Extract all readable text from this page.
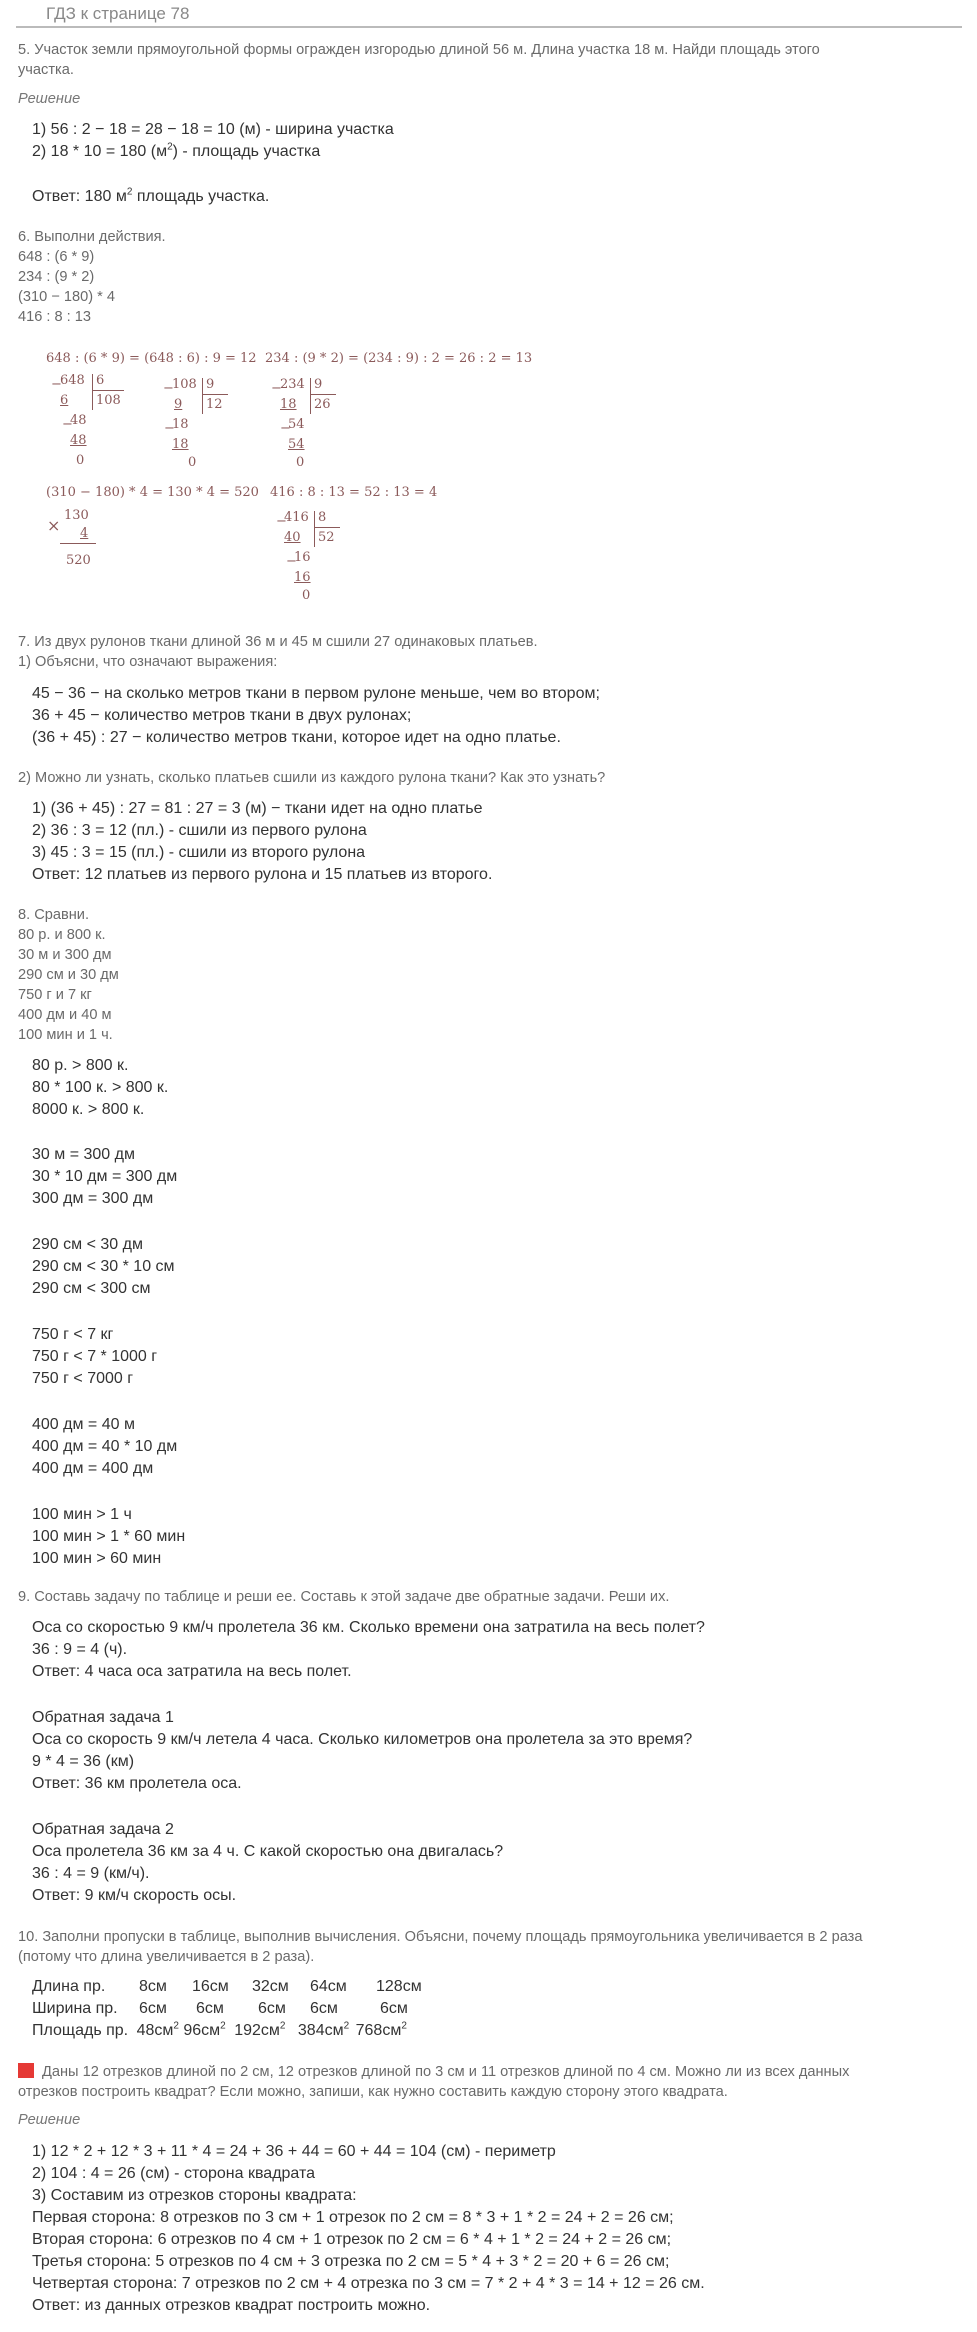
ГДЗ к странице 78
5. Участок земли прямоугольной формы огражден изгородью длиной 56 м. Длина участка 18 м. Найди площадь этого
участка.
Решение
1) 56 : 2 − 18 = 28 − 18 = 10 (м) - ширина участка
2) 18 * 10 = 180 $(м^2)$ - площадь участка
Ответ: 180 $м^2$ площадь участка.
6. Выполни действия.
648 : (6 * 9)
234 : (9 * 2)
(310 − 180) * 4
416 : 8 : 13
648 : (6 * 9) = (648 : 6) : 9 = 12 234 : (9 * 2) = (234 : 9) : 2 = 26 : 2 = 13
−
648 6
108
6
−
48
48
0
−
108 9
12
9
−
18
18
0
−
234 9
26
18
−
54
54
0
(310 − 180) * 4 = 130 * 4 = 520 416 : 8 : 13 = 52 : 13 = 4
130
× 4
520
−
416 8
52
40
−
16
16
0
7. Из двух рулонов ткани длиной 36 м и 45 м сшили 27 одинаковых платьев.
1) Объясни, что означают выражения:
45 − 36 − на сколько метров ткани в первом рулоне меньше, чем во втором;
36 + 45 − количество метров ткани в двух рулонах;
(36 + 45) : 27 − количество метров ткани, которое идет на одно платье.
2) Можно ли узнать, сколько платьев сшили из каждого рулона ткани? Как это узнать?
1) (36 + 45) : 27 = 81 : 27 = 3 (м) − ткани идет на одно платье
2) 36 : 3 = 12 (пл.) - сшили из первого рулона
3) 45 : 3 = 15 (пл.) - сшили из второго рулона
Ответ: 12 платьев из первого рулона и 15 платьев из второго.
8. Сравни.
80 р. и 800 к.
30 м и 300 дм
290 см и 30 дм
750 г и 7 кг
400 дм и 40 м
100 мин и 1 ч.
80 р. > 800 к.
80 * 100 к. > 800 к.
8000 к. > 800 к.
30 м = 300 дм
30 * 10 дм = 300 дм
300 дм = 300 дм
290 см < 30 дм
290 см < 30 * 10 см
290 см < 300 см
750 г < 7 кг
750 г < 7 * 1000 г
750 г < 7000 г
400 дм = 40 м
400 дм = 40 * 10 дм
400 дм = 400 дм
100 мин > 1 ч
100 мин > 1 * 60 мин
100 мин > 60 мин
9. Составь задачу по таблице и реши ее. Составь к этой задаче две обратные задачи. Реши их.
Оса со скоростью 9 км/ч пролетела 36 км. Сколько времени она затратила на весь полет?
36 : 9 = 4 (ч).
Ответ: 4 часа оса затратила на весь полет.
Обратная задача 1
Оса со скорость 9 км/ч летела 4 часа. Сколько километров она пролетела за это время?
9 * 4 = 36 (км)
Ответ: 36 км пролетела оса.
Обратная задача 2
Оса пролетела 36 км за 4 ч. С какой скоростью она двигалась?
36 : 4 = 9 (км/ч).
Ответ: 9 км/ч скорость осы.
10. Заполни пропуски в таблице, выполнив вычисления. Объясни, почему площадь прямоугольника увеличивается в 2 раза
(потому что длина увеличивается в 2 раза).
Длина пр. 8см 16см 32см 64см 128см
Ширина пр. 6см 6см 6см 6см	6см
Площадь пр. $48см^2$ $96см^2$ $192см^2$ $384см^2$ $768см^2$
Даны 12 отрезков длиной по 2 см, 12 отрезков длиной по 3 см и 11 отрезков длиной по 4 см. Можно ли из всех данных
отрезков построить квадрат? Если можно, запиши, как нужно составить каждую сторону этого квадрата.
Решение
1) 12 * 2 + 12 * 3 + 11 * 4 = 24 + 36 + 44 = 60 + 44 = 104 (см) - периметр
2) 104 : 4 = 26 (см) - сторона квадрата
3) Составим из отрезков стороны квадрата:
Первая сторона: 8 отрезков по 3 см + 1 отрезок по 2 см = 8 * 3 + 1 * 2 = 24 + 2 = 26 см;
Вторая сторона: 6 отрезков по 4 см + 1 отрезок по 2 см = 6 * 4 + 1 * 2 = 24 + 2 = 26 см;
Третья сторона: 5 отрезков по 4 см + 3 отрезка по 2 см = 5 * 4 + 3 * 2 = 20 + 6 = 26 см;
Четвертая сторона: 7 отрезков по 2 см + 4 отрезка по 3 см = 7 * 2 + 4 * 3 = 14 + 12 = 26 см.
Ответ: из данных отрезков квадрат построить можно.
